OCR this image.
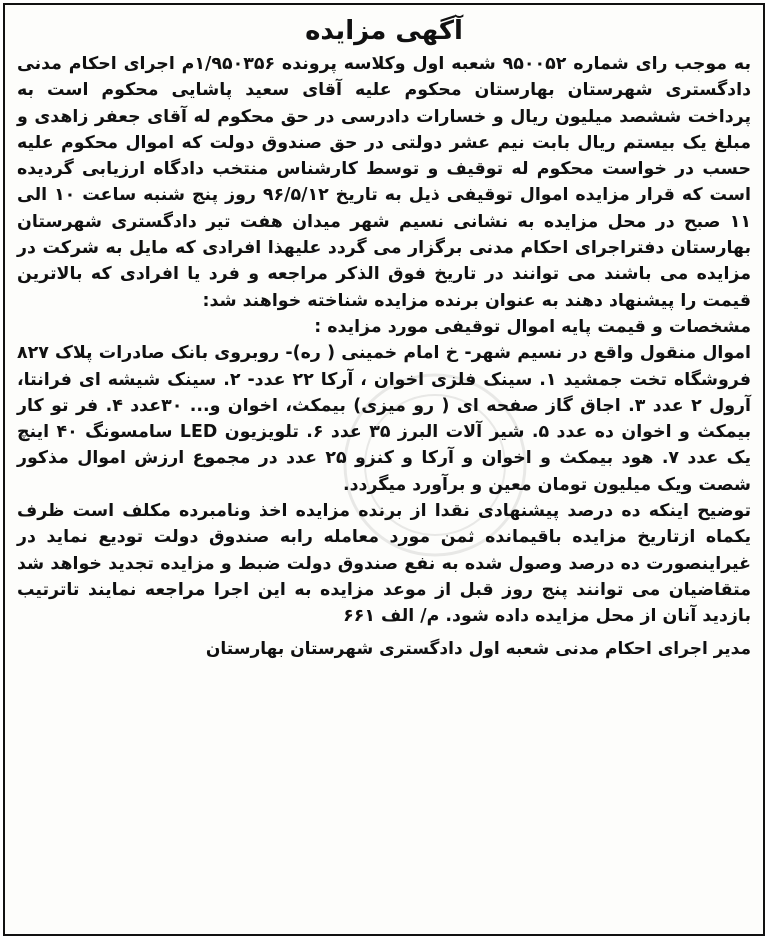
آگهی مزایده
به موجب رای شماره ۹۵۰۰۵۲ شعبه اول وکلاسه پرونده ۱/۹۵۰۳۵۶م اجرای احکام مدنی دادگستری شهرستان بهارستان محکوم علیه آقای سعید پاشایی محکوم است به پرداخت ششصد میلیون ریال و خسارات دادرسی در حق محکوم له آقای جعفر زاهدی و مبلغ یک بیستم ریال بابت نیم عشر دولتی در حق صندوق دولت که اموال محکوم علیه حسب در خواست محکوم له توقیف و توسط کارشناس منتخب دادگاه ارزیابی گردیده است که قرار مزایده اموال توقیفی ذیل به تاریخ ۹۶/۵/۱۲ روز پنج شنبه ساعت ۱۰ الی ۱۱ صبح در محل مزایده به نشانی نسیم شهر میدان هفت تیر دادگستری شهرستان بهارستان دفتراجرای احکام مدنی برگزار می گردد علیهذا افرادی که مایل به شرکت در مزایده می باشند می توانند در تاریخ فوق الذکر مراجعه و فرد یا افرادی که بالاترین قیمت را پیشنهاد دهند به عنوان برنده مزایده شناخته خواهند شد:
مشخصات و قیمت پایه اموال توقیفی مورد مزایده :
اموال منقول واقع در نسیم شهر- خ امام خمینی ( ره)- روبروی بانک صادرات پلاک ۸۲۷ فروشگاه تخت جمشید ۱. سینک فلزی اخوان ، آرکا ۲۲ عدد- ۲. سینک شیشه ای فرانتا، آرول ۲ عدد ۳. اجاق گاز صفحه ای ( رو میزی) بیمکث، اخوان و... ۳۰عدد ۴. فر تو کار بیمکث و اخوان ده عدد ۵. شیر آلات البرز ۳۵ عدد ۶. تلویزیون LED سامسونگ ۴۰ اینچ یک عدد ۷. هود بیمکث و اخوان و آرکا و کنزو ۲۵ عدد در مجموع ارزش اموال مذکور شصت ویک میلیون تومان معین و برآورد میگردد.
توضیح اینکه ده درصد پیشنهادی نقدا از برنده مزایده اخذ ونامبرده مکلف است ظرف یکماه ازتاریخ مزایده باقیمانده ثمن مورد معامله رابه صندوق دولت تودیع نماید در غیراینصورت ده درصد وصول شده به نفع صندوق دولت ضبط و مزایده تجدید خواهد شد متقاضیان می توانند پنج روز قبل از موعد مزایده به این اجرا مراجعه نمایند تاترتیب بازدید آنان از محل مزایده داده شود. م/ الف ۶۶۱
مدیر اجرای احکام مدنی شعبه اول دادگستری شهرستان بهارستان
